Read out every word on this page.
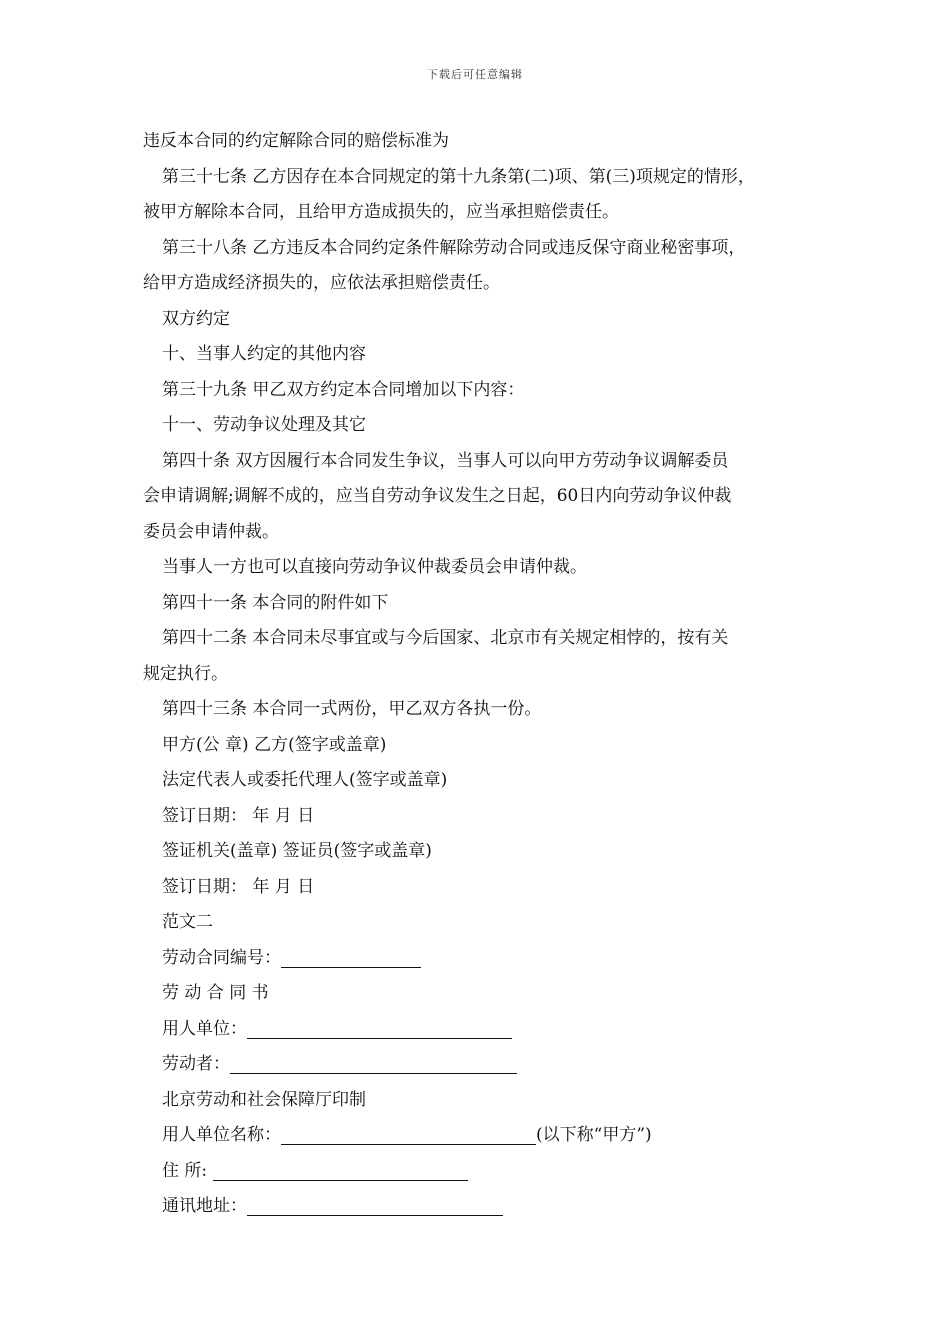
下载后可任意编辑

违反本合同的约定解除合同的赔偿标准为

第三十七条 乙方因存在本合同规定的第十九条第(二)项、第(三)项规定的情形，

被甲方解除本合同，且给甲方造成损失的，应当承担赔偿责任。

第三十八条 乙方违反本合同约定条件解除劳动合同或违反保守商业秘密事项，

给甲方造成经济损失的，应依法承担赔偿责任。

双方约定

十、当事人约定的其他内容

第三十九条 甲乙双方约定本合同增加以下内容：

十一、劳动争议处理及其它

第四十条 双方因履行本合同发生争议，当事人可以向甲方劳动争议调解委员

会申请调解;调解不成的，应当自劳动争议发生之日起，60日内向劳动争议仲裁

委员会申请仲裁。

当事人一方也可以直接向劳动争议仲裁委员会申请仲裁。

第四十一条 本合同的附件如下

第四十二条 本合同未尽事宜或与今后国家、北京市有关规定相悖的，按有关

规定执行。

第四十三条 本合同一式两份，甲乙双方各执一份。

甲方(公 章) 乙方(签字或盖章)

法定代表人或委托代理人(签字或盖章)

签订日期： 年 月 日

签证机关(盖章) 签证员(签字或盖章)

签订日期： 年 月 日

范文二

劳动合同编号：

劳 动 合 同 书

用人单位：

劳动者：

北京劳动和社会保障厅印制

用人单位名称：	(以下称“甲方”)

住 所:

通讯地址：
